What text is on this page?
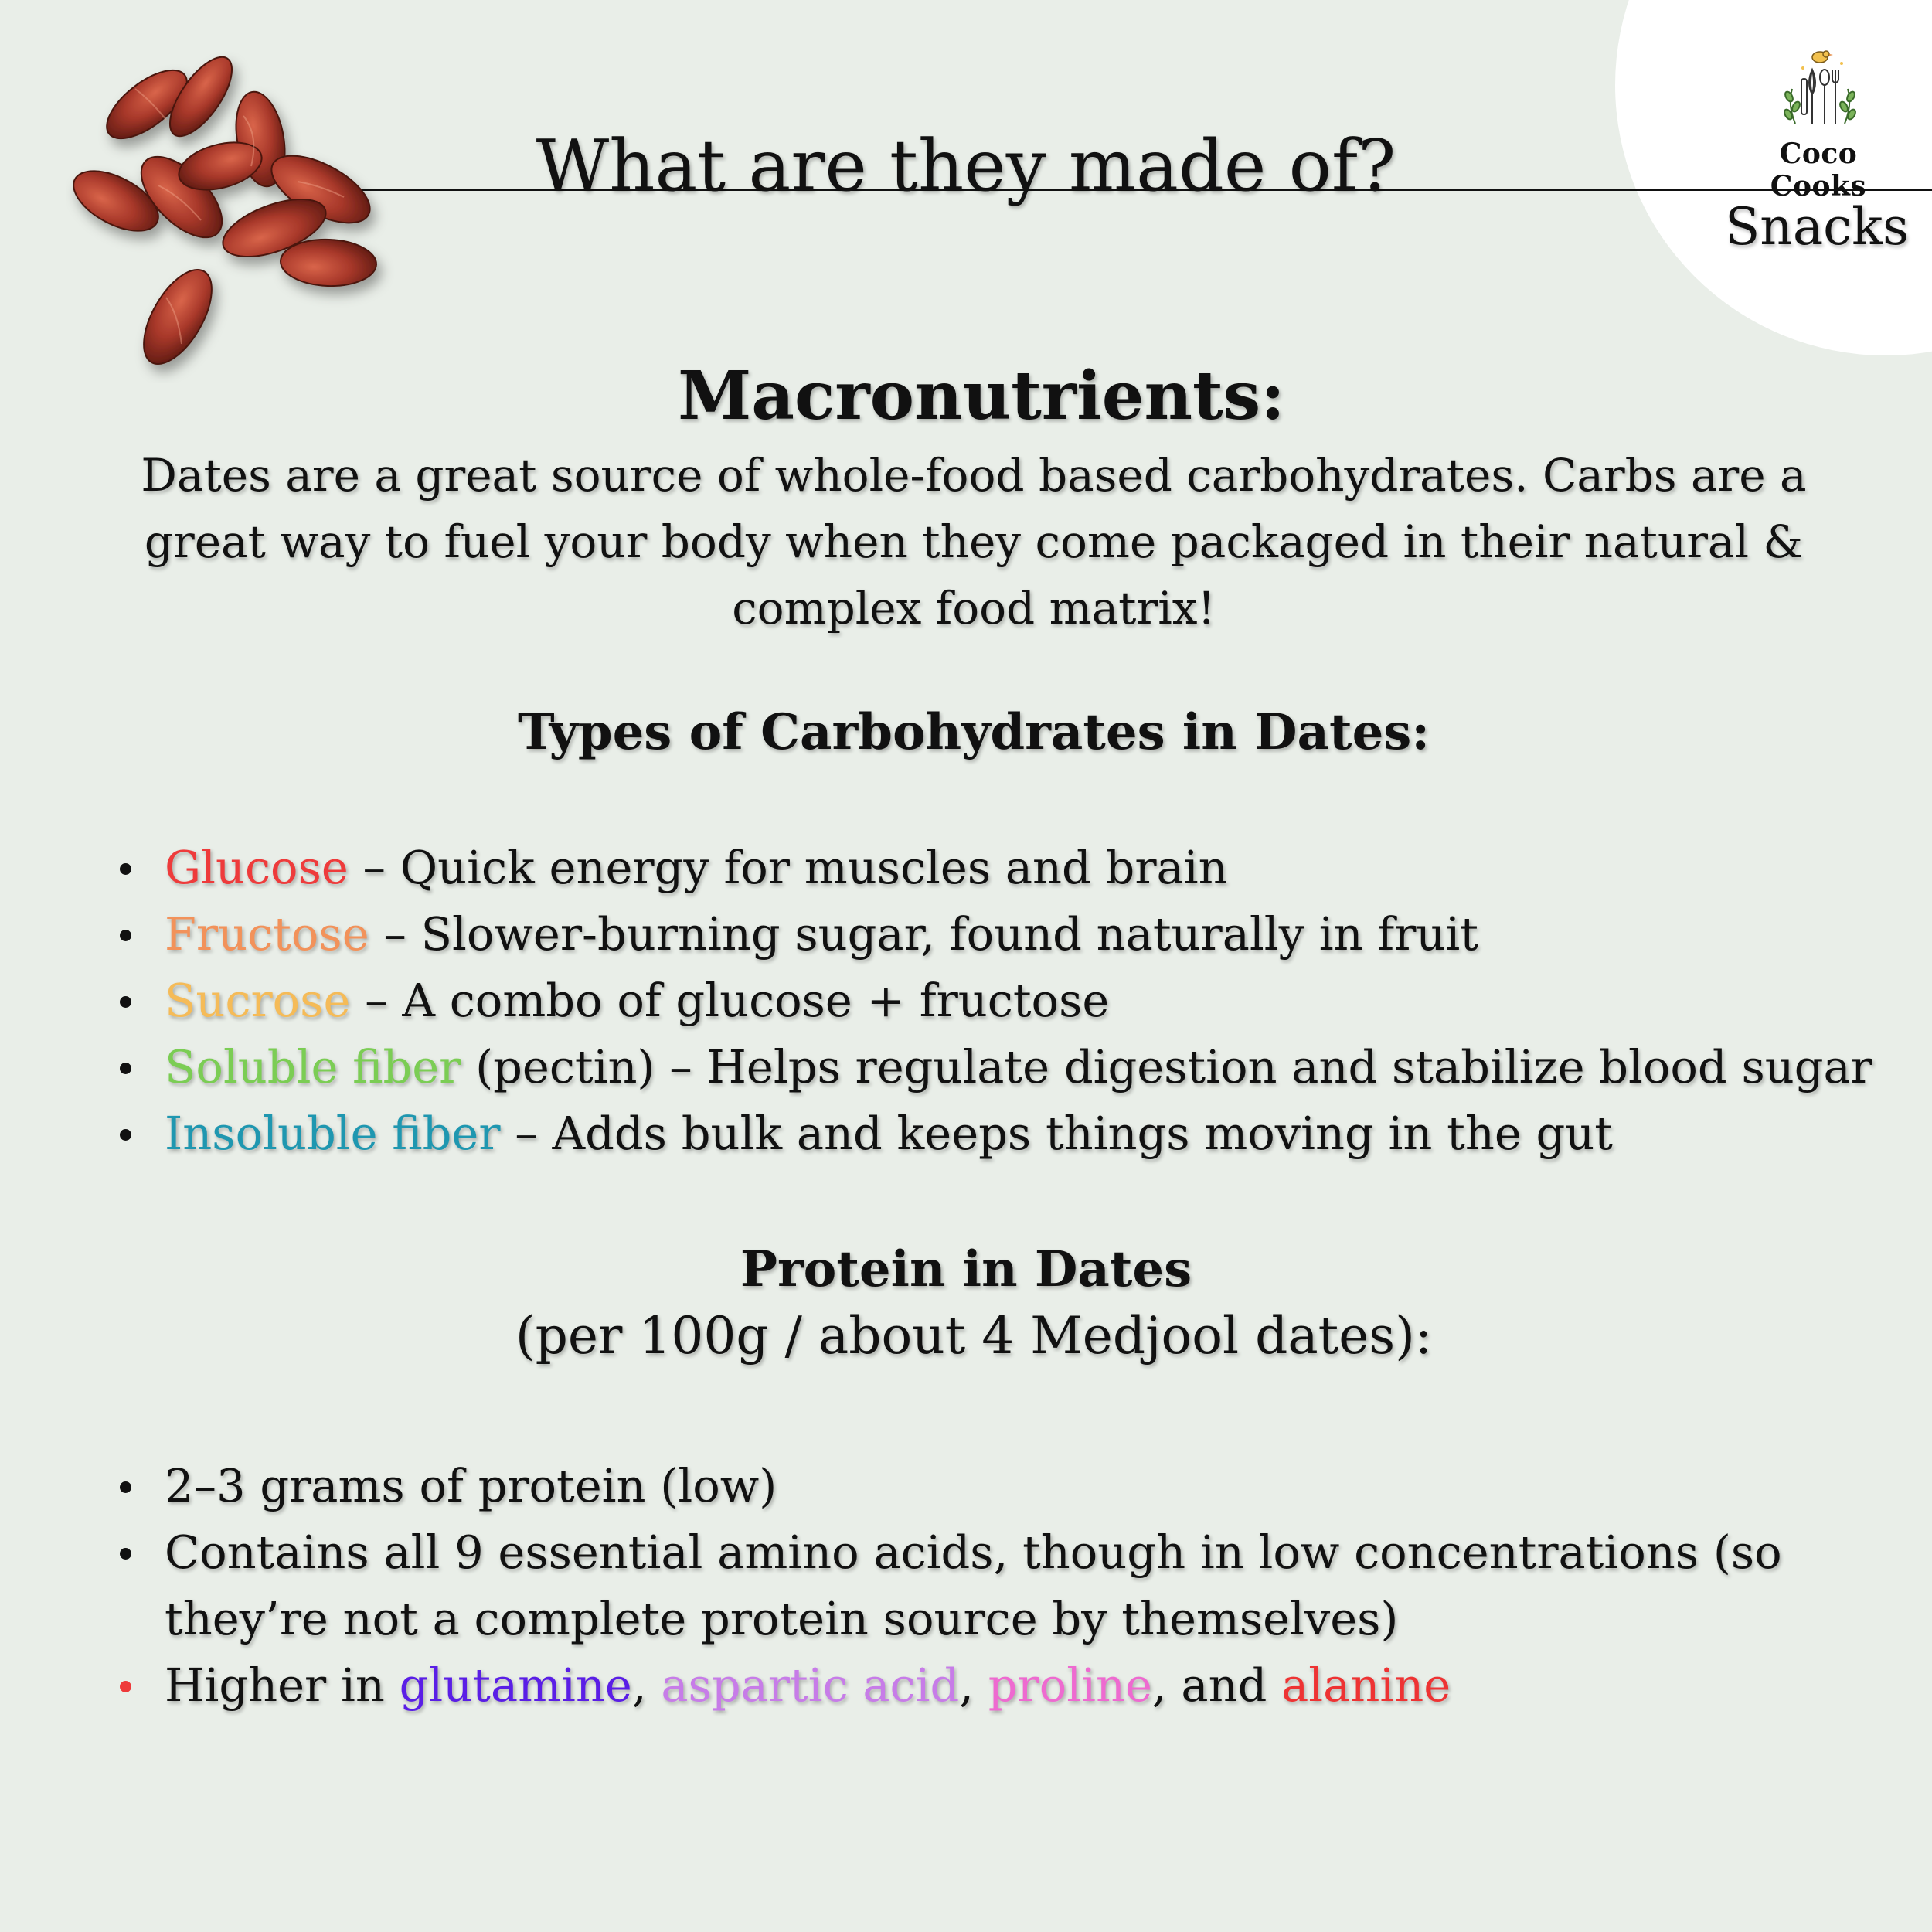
What are they made of?	Coco Cooks
Snacks
Macronutrients:

Dates are a great source of whole-food based carbohydrates. Carbs are a great way to fuel your body when they come packaged in their natural & complex food matrix!

Types of Carbohydrates in Dates:
Glucose – Quick energy for muscles and brain
Fructose – Slower-burning sugar, found naturally in fruit
Sucrose – A combo of glucose + fructose
Soluble fiber (pectin) – Helps regulate digestion and stabilize blood sugar
Insoluble fiber – Adds bulk and keeps things moving in the gut
Protein in Dates

(per 100g / about 4 Medjool dates):

2–3 grams of protein (low)
Contains all 9 essential amino acids, though in low concentrations (so they’re not a complete protein source by themselves)
Higher in glutamine, aspartic acid, proline, and alanine
